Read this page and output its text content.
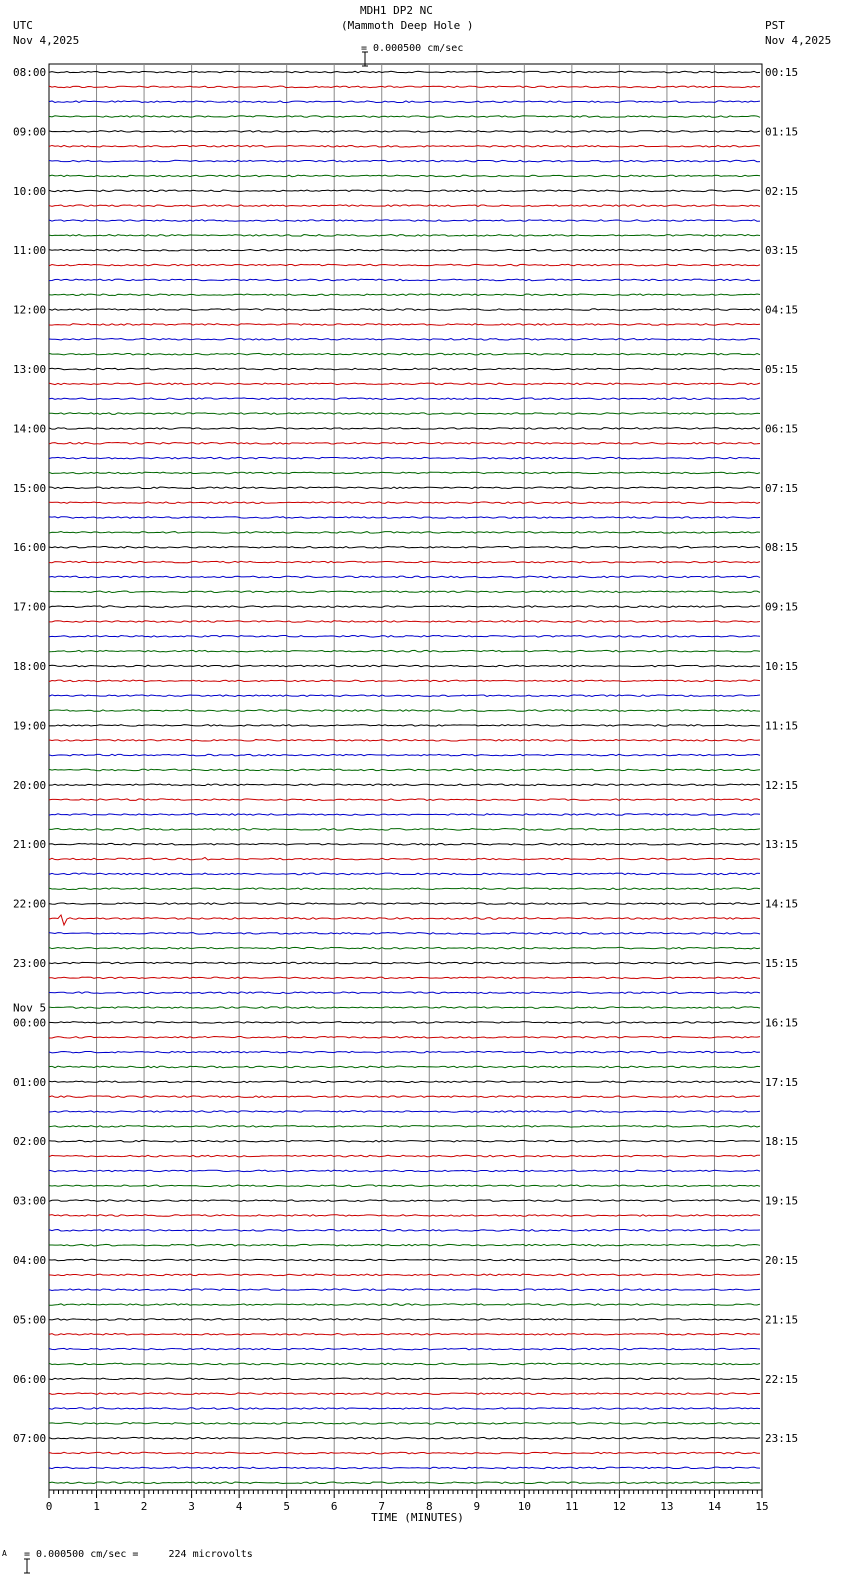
08:00
09:00
10:00
11:00
12:00
13:00
14:00
15:00
16:00
17:00
18:00
19:00
20:00
21:00
22:00
23:00
00:00
Nov 5
01:00
02:00
03:00
04:00
05:00
06:00
07:00
00:15
01:15
02:15
03:15
04:15
05:15
06:15
07:15
08:15
09:15
10:15
11:15
12:15
13:15
14:15
15:15
16:15
17:15
18:15
19:15
20:15
21:15
22:15
23:15
0	1	2	3	4	5	6	7	8	9	10	11	12	13	14	15
TIME (MINUTES)
MDH1 DP2 NC
(Mammoth Deep Hole )

= 0.000500 cm/sec
UTC
Nov 4,2025
PST
Nov 4,2025
A

= 0.000500 cm/sec =     224 microvolts
